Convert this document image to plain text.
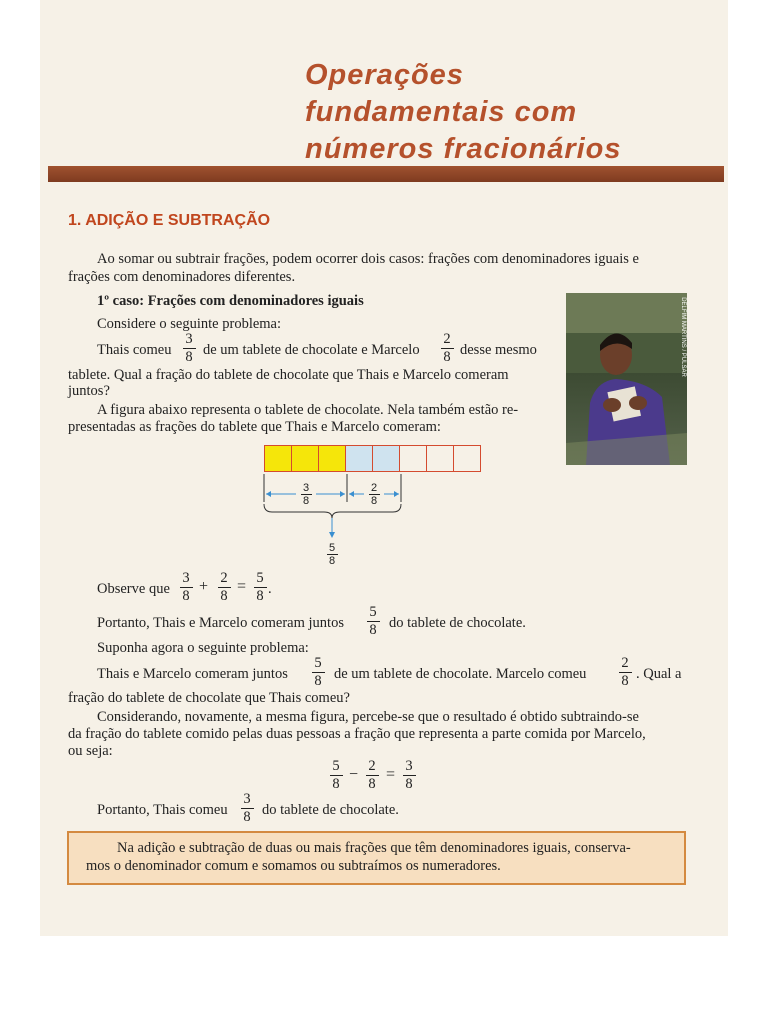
Operações
fundamentais com
números fracionários
1. ADIÇÃO E SUBTRAÇÃO
Ao somar ou subtrair frações, podem ocorrer dois casos: frações com denominadores iguais e
frações com denominadores diferentes.
1º caso: Frações com denominadores iguais
Considere o seguinte problema:
Thais comeu
3
8 de um tablete de chocolate e Marcelo
2
8 desse mesmo
tablete. Qual a fração do tablete de chocolate que Thais e Marcelo comeram
juntos?
A figura abaixo representa o tablete de chocolate. Nela também estão re-
presentadas as frações do tablete que Thais e Marcelo comeram:
DELFIM MARTINS / PULSAR
3
8
2
8
5
8
Observe que
3
8
+ 2
8
= 5
8 .
Portanto, Thais e Marcelo comeram juntos
5
8 do tablete de chocolate.
Suponha agora o seguinte problema:
Thais e Marcelo comeram juntos
5
8 de um tablete de chocolate. Marcelo comeu
2
8 . Qual a
fração do tablete de chocolate que Thais comeu?
Considerando, novamente, a mesma figura, percebe-se que o resultado é obtido subtraindo-se
da fração do tablete comido pelas duas pessoas a fração que representa a parte comida por Marcelo,
ou seja:
5
8
− 2
8
= 3
8
Portanto, Thais comeu
3
8 do tablete de chocolate.
Na adição e subtração de duas ou mais frações que têm denominadores iguais, conserva-
mos o denominador comum e somamos ou subtraímos os numeradores.
